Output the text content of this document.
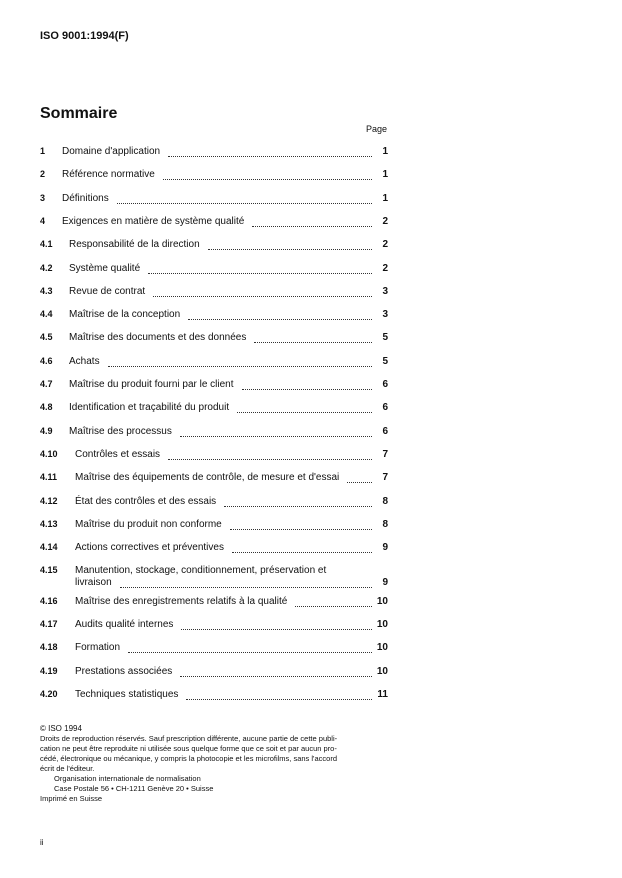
ISO 9001:1994(F)
Sommaire
Page
1	Domaine d'application	1
2	Référence normative	1
3	Définitions	1
4	Exigences en matière de système qualité	2
4.1	Responsabilité de la direction	2
4.2	Système qualité	2
4.3	Revue de contrat	3
4.4	Maîtrise de la conception	3
4.5	Maîtrise des documents et des données	5
4.6	Achats	5
4.7	Maîtrise du produit fourni par le client	6
4.8	Identification et traçabilité du produit	6
4.9	Maîtrise des processus	6
4.10	Contrôles et essais	7
4.11	Maîtrise des équipements de contrôle, de mesure et d'essai	7
4.12	État des contrôles et des essais	8
4.13	Maîtrise du produit non conforme	8
4.14	Actions correctives et préventives	9
4.15	Manutention, stockage, conditionnement, préservation et
livraison	9
4.16	Maîtrise des enregistrements relatifs à la qualité	10
4.17	Audits qualité internes	10
4.18	Formation	10
4.19	Prestations associées	10
4.20	Techniques statistiques	11
© ISO 1994
Droits de reproduction réservés. Sauf prescription différente, aucune partie de cette publi-
cation ne peut être reproduite ni utilisée sous quelque forme que ce soit et par aucun pro-
cédé, électronique ou mécanique, y compris la photocopie et les microfilms, sans l'accord
écrit de l'éditeur.
Organisation internationale de normalisation
Case Postale 56 • CH-1211 Genève 20 • Suisse
Imprimé en Suisse
ii
